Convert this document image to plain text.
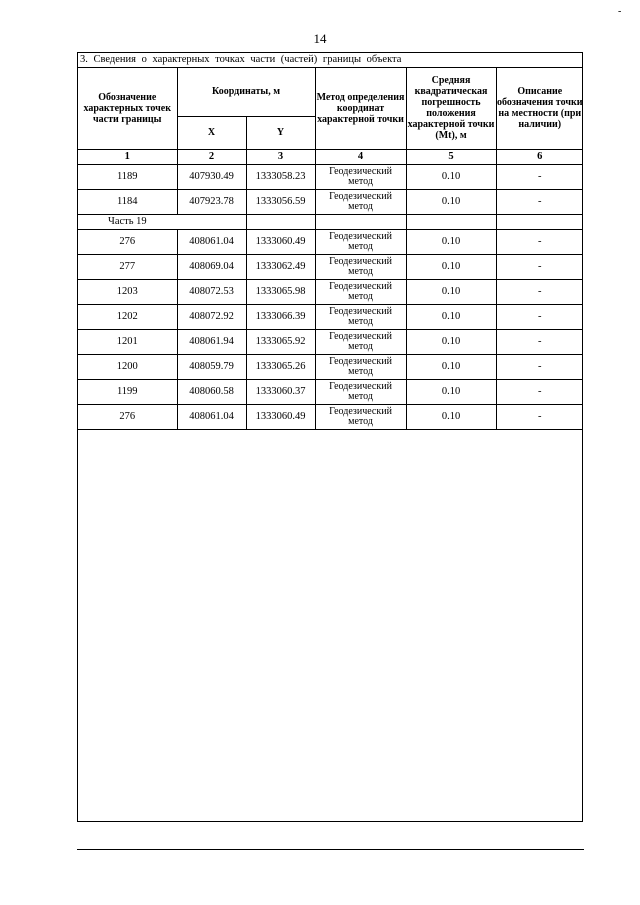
-
14
3. Сведения о характерных точках части (частей) границы объекта
Обозначение характерных точек части границы	Координаты, м		Метод определения координат характерной точки	Средняя квадратическая погрешность положения характерной точки (Mt), м	Описание обозначения точки на местности (при наличии)
	X	Y			
1	2	3	4	5	6
1189	407930.49	1333058.23	Геодезический метод	0.10	-
1184	407923.78	1333056.59	Геодезический метод	0.10	-
Часть 19					
276	408061.04	1333060.49	Геодезический метод	0.10	-
277	408069.04	1333062.49	Геодезический метод	0.10	-
1203	408072.53	1333065.98	Геодезический метод	0.10	-
1202	408072.92	1333066.39	Геодезический метод	0.10	-
1201	408061.94	1333065.92	Геодезический метод	0.10	-
1200	408059.79	1333065.26	Геодезический метод	0.10	-
1199	408060.58	1333060.37	Геодезический метод	0.10	-
276	408061.04	1333060.49	Геодезический метод	0.10	-
